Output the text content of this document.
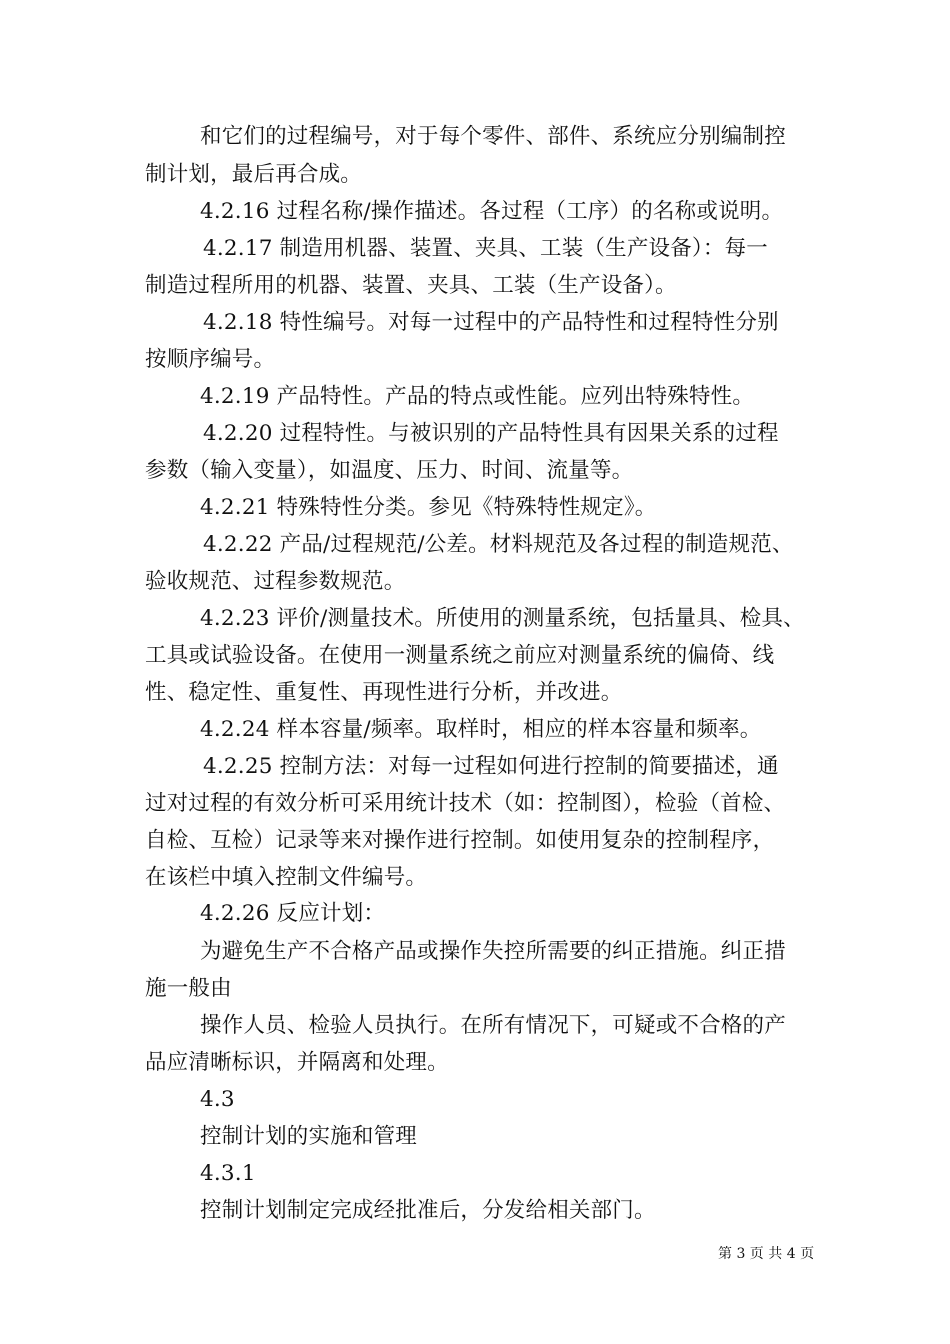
和它们的过程编号，对于每个零件、部件、系统应分别编制控
制计划，最后再合成。
4.2.16 过程名称/操作描述。各过程（工序）的名称或说明。
4.2.17 制造用机器、装置、夹具、工装（生产设备）：每一
制造过程所用的机器、装置、夹具、工装（生产设备）。
4.2.18 特性编号。对每一过程中的产品特性和过程特性分别
按顺序编号。
4.2.19 产品特性。产品的特点或性能。应列出特殊特性。
4.2.20 过程特性。与被识别的产品特性具有因果关系的过程
参数（输入变量），如温度、压力、时间、流量等。
4.2.21 特殊特性分类。参见《特殊特性规定》。
4.2.22 产品/过程规范/公差。材料规范及各过程的制造规范、
验收规范、过程参数规范。
4.2.23 评价/测量技术。所使用的测量系统，包括量具、检具、
工具或试验设备。在使用一测量系统之前应对测量系统的偏倚、线
性、稳定性、重复性、再现性进行分析，并改进。
4.2.24 样本容量/频率。取样时，相应的样本容量和频率。
4.2.25 控制方法：对每一过程如何进行控制的简要描述，通
过对过程的有效分析可采用统计技术（如：控制图），检验（首检、
自检、互检）记录等来对操作进行控制。如使用复杂的控制程序，
在该栏中填入控制文件编号。
4.2.26 反应计划：
为避免生产不合格产品或操作失控所需要的纠正措施。纠正措
施一般由
操作人员、检验人员执行。在所有情况下，可疑或不合格的产
品应清晰标识，并隔离和处理。
4.3
控制计划的实施和管理
4.3.1
控制计划制定完成经批准后，分发给相关部门。
第 3 页 共 4 页
